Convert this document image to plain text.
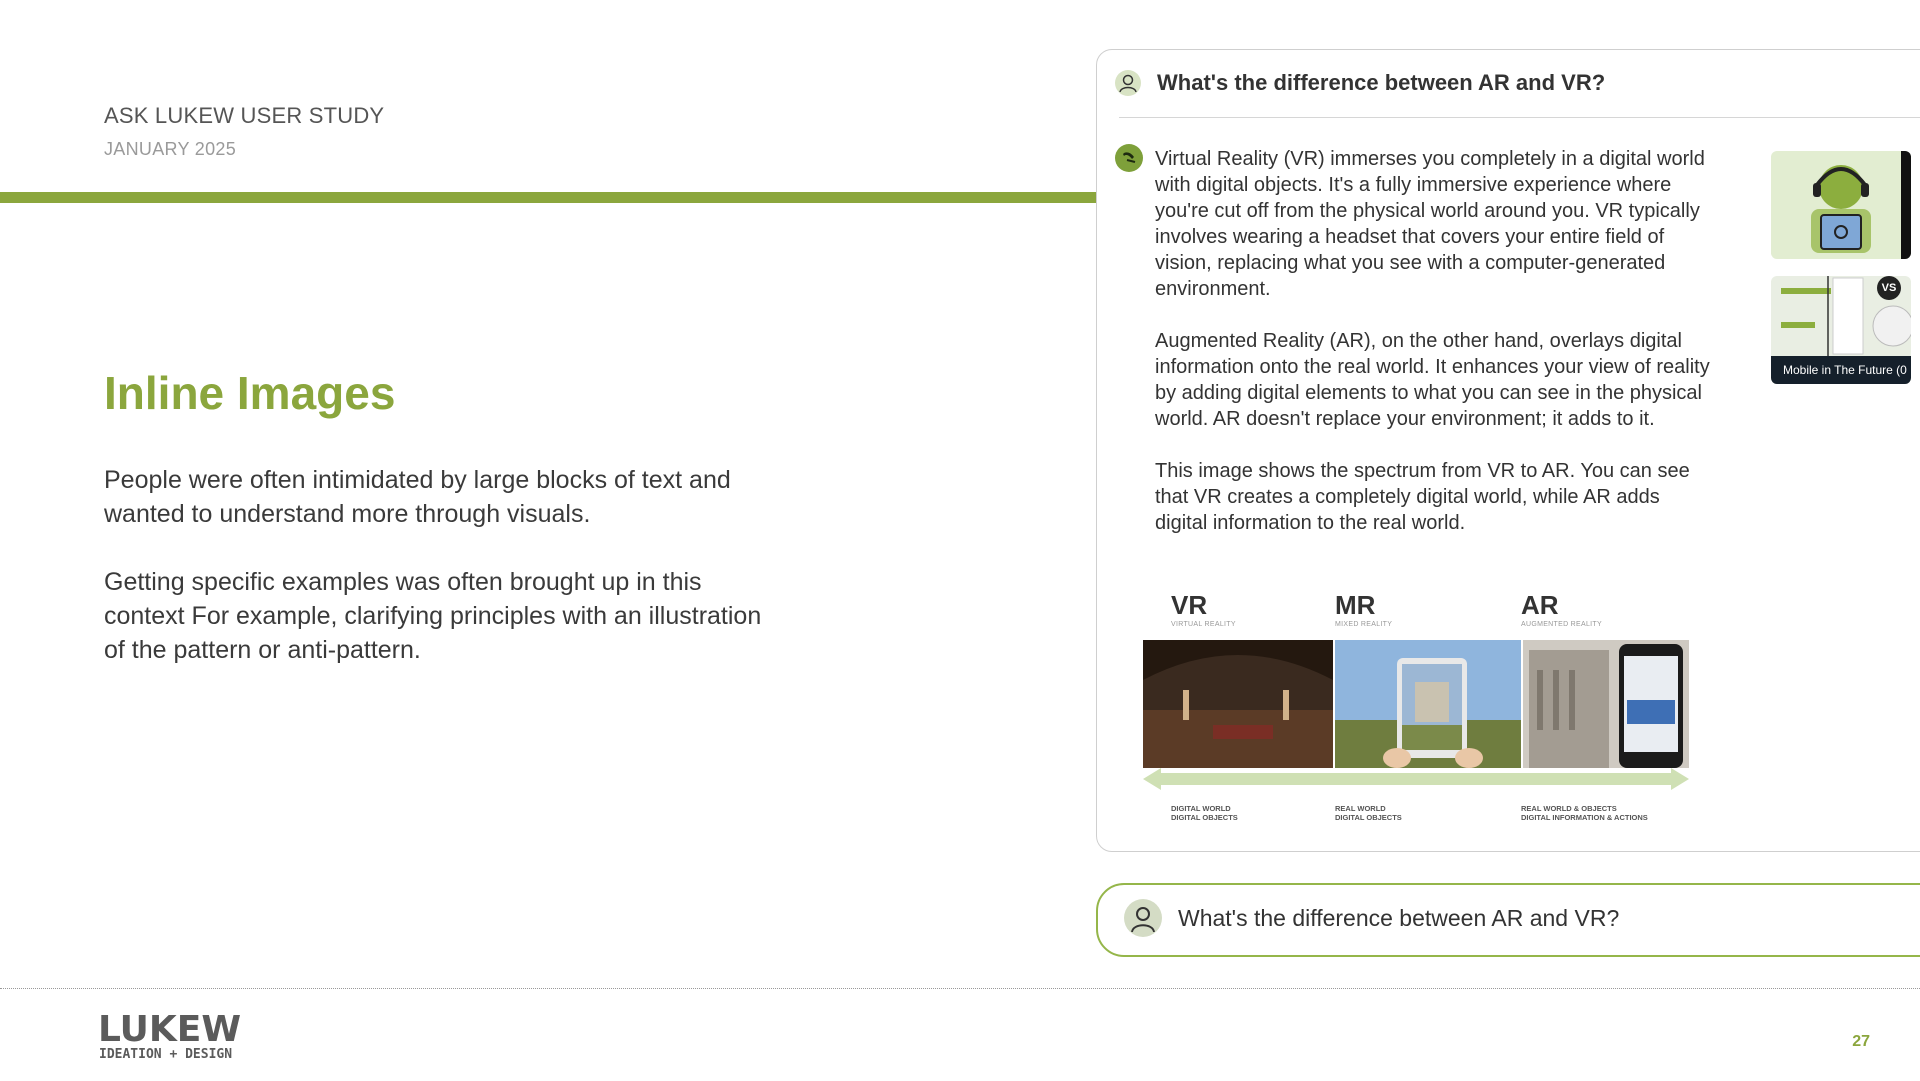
ASK LUKEW USER STUDY
JANUARY 2025
Inline Images

People were often intimidated by large blocks of text and wanted to understand more through visuals.

Getting specific examples was often brought up in this context For example, clarifying principles with an illustration of the pattern or anti-pattern.

What's the difference between AR and VR?

Virtual Reality (VR) immerses you completely in a digital world with digital objects. It's a fully immersive experience where you're cut off from the physical world around you. VR typically involves wearing a headset that covers your entire field of vision, replacing what you see with a computer-generated environment.

Augmented Reality (AR), on the other hand, overlays digital information onto the real world. It enhances your view of reality by adding digital elements to what you can see in the physical world. AR doesn't replace your environment; it adds to it.

This image shows the spectrum from VR to AR. You can see that VR creates a completely digital world, while AR adds digital information to the real world.

VR
VIRTUAL REALITY
MR
MIXED REALITY
AR
AUGMENTED REALITY
DIGITAL WORLD
DIGITAL OBJECTS
REAL WORLD
DIGITAL OBJECTS
REAL WORLD & OBJECTS
DIGITAL INFORMATION & ACTIONS
VS
Mobile in The Future (0
What's the difference between AR and VR?
LUKEW
IDEATION + DESIGN
27
